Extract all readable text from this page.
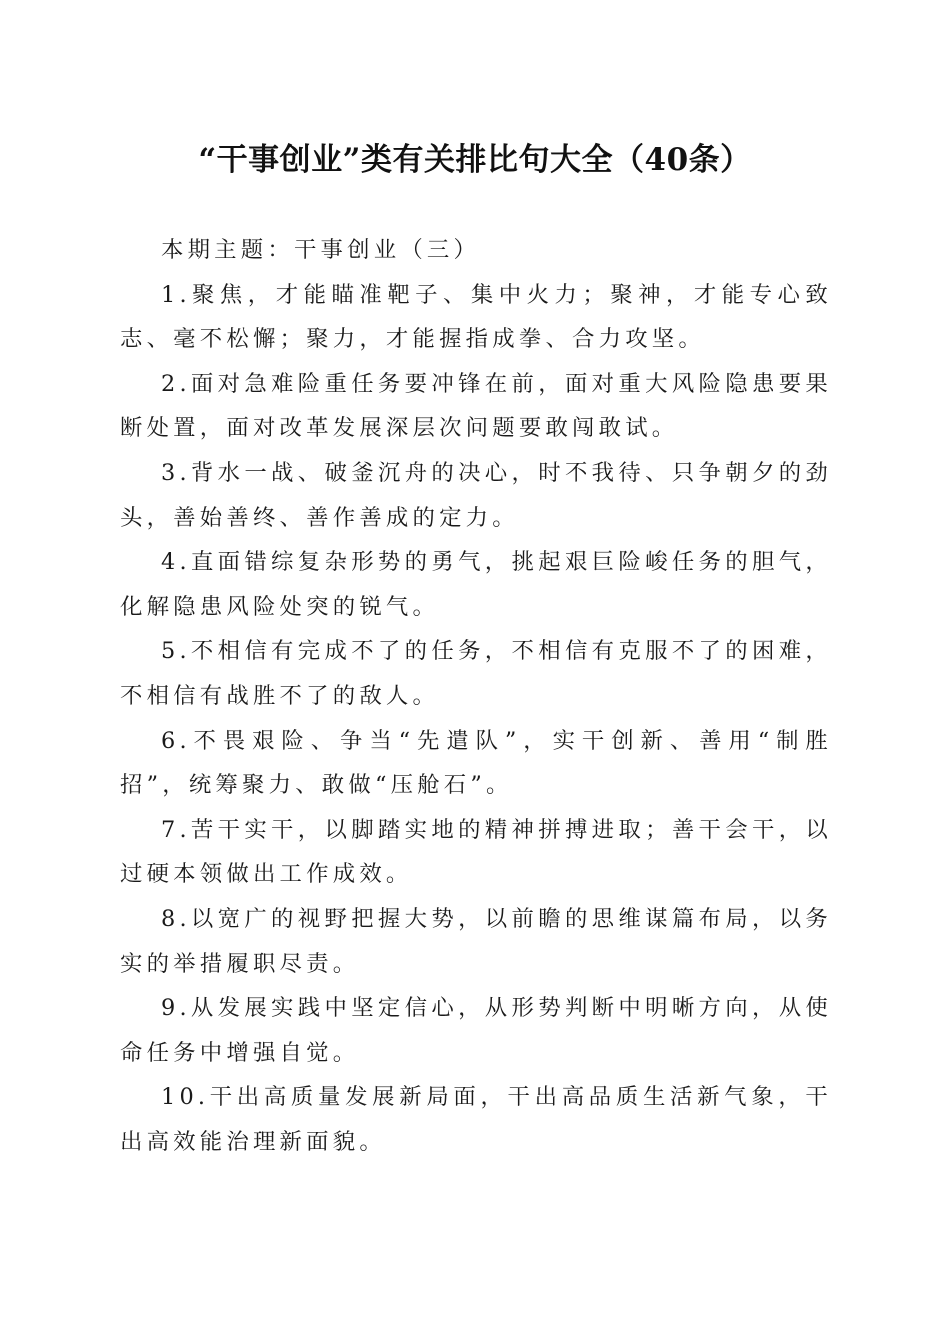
“干事创业”类有关排比句大全（40条）

本期主题：干事创业（三）

1.聚焦，才能瞄准靶子、集中火力；聚神，才能专心致志、毫不松懈；聚力，才能握指成拳、合力攻坚。

2.面对急难险重任务要冲锋在前，面对重大风险隐患要果断处置，面对改革发展深层次问题要敢闯敢试。

3.背水一战、破釜沉舟的决心，时不我待、只争朝夕的劲头，善始善终、善作善成的定力。

4.直面错综复杂形势的勇气，挑起艰巨险峻任务的胆气，化解隐患风险处突的锐气。

5.不相信有完成不了的任务，不相信有克服不了的困难，不相信有战胜不了的敌人。

6.不畏艰险、争当“先遣队”，实干创新、善用“制胜招”，统筹聚力、敢做“压舱石”。

7.苦干实干，以脚踏实地的精神拼搏进取；善干会干，以过硬本领做出工作成效。

8.以宽广的视野把握大势，以前瞻的思维谋篇布局，以务实的举措履职尽责。

9.从发展实践中坚定信心，从形势判断中明晰方向，从使命任务中增强自觉。

10.干出高质量发展新局面，干出高品质生活新气象，干出高效能治理新面貌。
